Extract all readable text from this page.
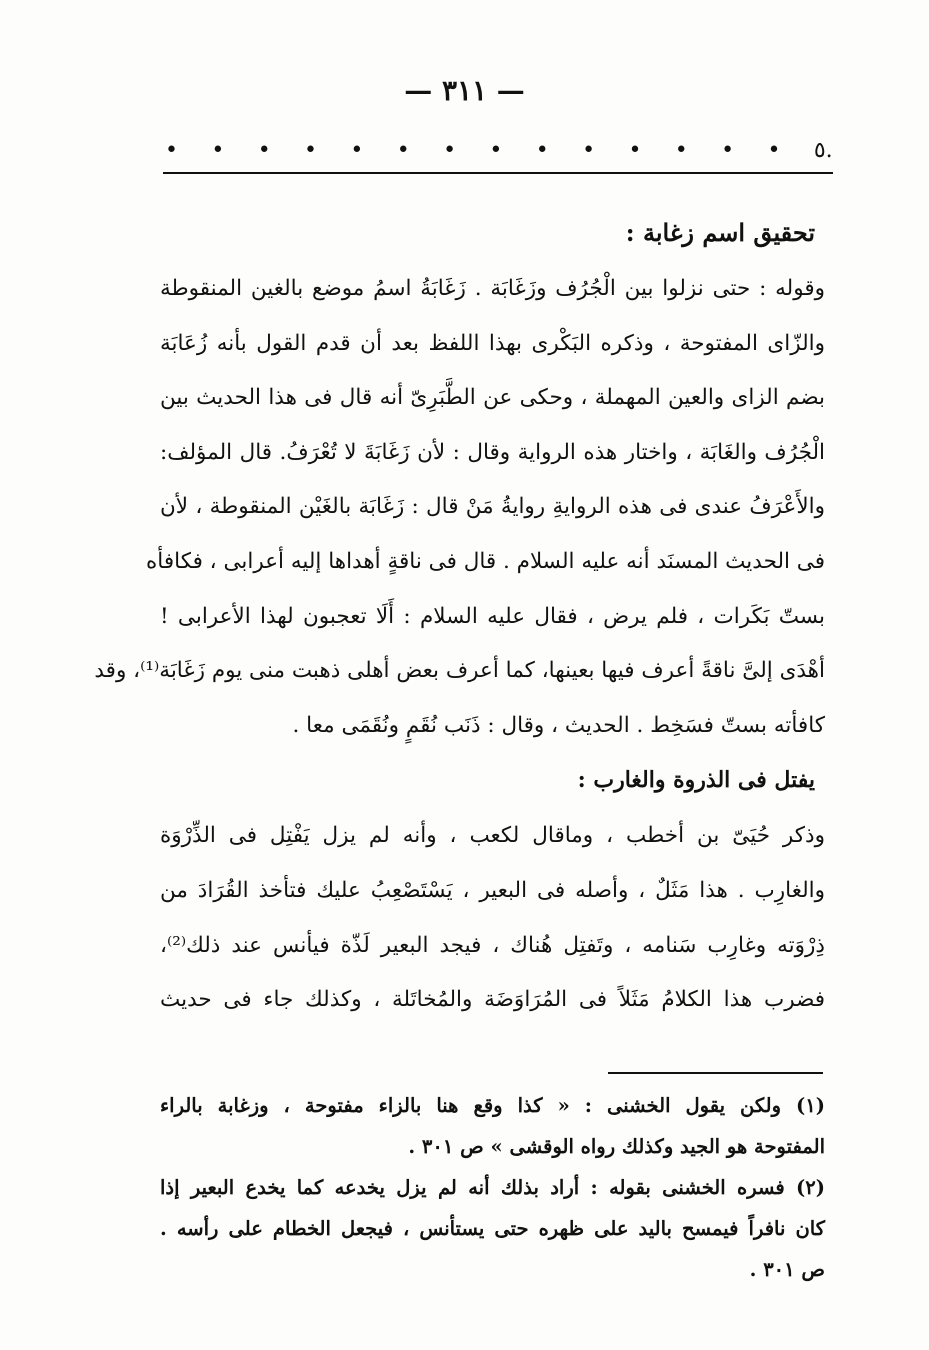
— ٣١١ —
• • • • • • • • • • • • • • ٥.
تحقيق اسم زغابة :
وقوله : حتى نزلوا بين الْجُرُف وزَغَابَة . زَغَابَةُ اسمُ موضع بالغين المنقوطة
والزّاى المفتوحة ، وذكره البَكْرى بهذا اللفظ بعد أن قدم القول بأنه زُعَابَة
بضم الزاى والعين المهملة ، وحكى عن الطَّبَرِىّ أنه قال فى هذا الحديث بين
الْجُرُف والغَابَة ، واختار هذه الرواية وقال : لأن زَغَابَةَ لا تُعْرَفُ. قال المؤلف:
والأَعْرَفُ عندى فى هذه الروايةِ روايةُ مَنْ قال : زَغَابَة بالغَيْن المنقوطة ، لأن
فى الحديث المسنَد أنه عليه السلام . قال فى ناقةٍ أهداها إليه أعرابى ، فكافأه
بستّ بَكَرات ، فلم يرض ، فقال عليه السلام : أَلَا تعجبون لهذا الأعرابى !
أهْدَى إلىَّ ناقةً أعرف فيها بعينها، كما أعرف بعض أهلى ذهبت منى يوم زَغَابَة⁽¹⁾، وقد
كافأته بستّ فسَخِط . الحديث ، وقال : ذَنَب نُقَمٍ ونُقَمَى معا .
يفتل فى الذروة والغارب :
وذكر حُيَىّ بن أخطب ، وماقال لكعب ، وأنه لم يزل يَفْتِل فى الذِّرْوَة
والغارِب . هذا مَثَلٌ ، وأصله فى البعير ، يَسْتَصْعِبُ عليك فتأخذ القُرَادَ من
ذِرْوَته وغارِب سَنامه ، وتَفتِل هُناك ، فيجد البعير لَذّة فيأنس عند ذلك⁽²⁾،
فضرب هذا الكلامُ مَثَلاً فى المُرَاوَضَة والمُخاتَلة ، وكذلك جاء فى حديث
(١) ولكن يقول الخشنى : « كذا وقع هنا بالزاء مفتوحة ، وزغابة بالراء
المفتوحة هو الجيد وكذلك رواه الوقشى » ص ٣٠١ .
(٢) فسره الخشنى بقوله : أراد بذلك أنه لم يزل يخدعه كما يخدع البعير إذا
كان نافراً فيمسح باليد على ظهره حتى يستأنس ، فيجعل الخطام على رأسه .
ص ٣٠١ .
